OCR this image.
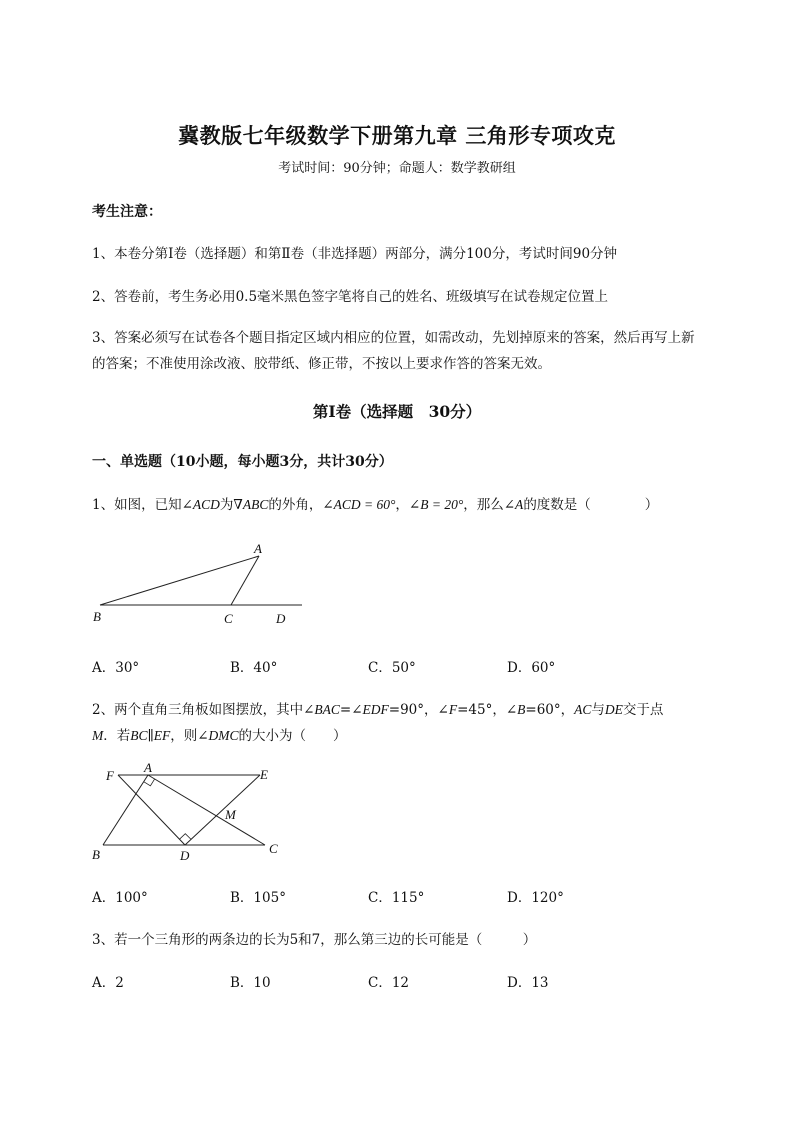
冀教版七年级数学下册第九章 三角形专项攻克
考试时间：90分钟；命题人：数学教研组
考生注意：
1、本卷分第Ⅰ卷（选择题）和第Ⅱ卷（非选择题）两部分，满分100分，考试时间90分钟
2、答卷前，考生务必用0.5毫米黑色签字笔将自己的姓名、班级填写在试卷规定位置上
3、答案必须写在试卷各个题目指定区域内相应的位置，如需改动，先划掉原来的答案，然后再写上新
的答案；不准使用涂改液、胶带纸、修正带，不按以上要求作答的答案无效。
第Ⅰ卷（选择题　30分）
一、单选题（10小题，每小题3分，共计30分）
1、如图，已知∠ACD为∇ABC的外角，∠ACD = 60°，∠B = 20°，那么∠A的度数是（　　　　）
A
B	C	D
A．30°	B．40°	C．50°	D．60°
2、两个直角三角板如图摆放，其中∠BAC=∠EDF=90°，∠F=45°，∠B=60°，AC与DE交于点
M．若BC∥EF，则∠DMC的大小为（　　）
F
A	E
M
B	D	C
A．100°	B．105°	C．115°	D．120°
3、若一个三角形的两条边的长为5和7，那么第三边的长可能是（　　　）
A．2	B．10	C．12	D．13
